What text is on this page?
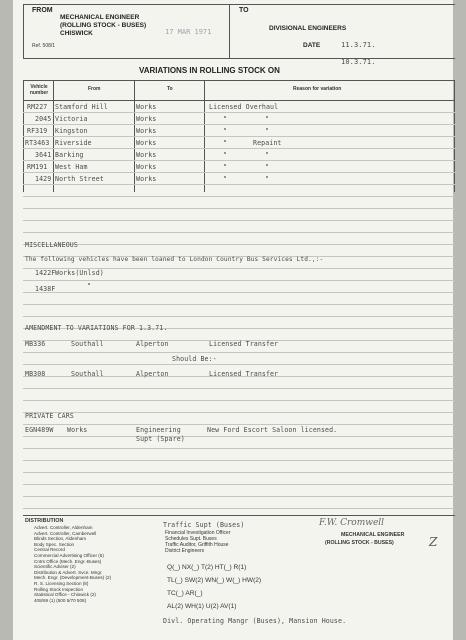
FROM
MECHANICAL ENGINEER
(ROLLING STOCK - BUSES)
CHISWICK
Ref. 508/1
17 MAR 1971
TO
DIVISIONAL ENGINEERS
DATE	11.3.71.
10.3.71.
VARIATIONS IN ROLLING STOCK ON
Vehicle number
From	To	Reason for variation
RM227 Stamford Hill	Works	Licensed Overhaul
2045 Victoria	Works	"	"
RF319 Kingston	Works	"	"
RT3463 Riverside	Works	"	Repaint
3641 Barking	Works	"	"
RM191 West Ham	Works	"	"
1429 North Street	Works	"	"
MISCELLANEOUS
The following vehicles have been loaned to London Country Bus Services Ltd.,:-
1422F Works(Unlsd)
1438F	"
AMENDMENT TO VARIATIONS FOR 1.3.71.
MB336	Southall	Alperton	Licensed Transfer
Should Be:-
MB308	Southall	Alperton	Licensed Transfer
PRIVATE CARS
EGN489W Works	Engineering
Supt (Spare)
New Ford Escort Saloon licensed.
DISTRIBUTION
Advert. Controller, Aldenham
Advert. Controller, Camberwell
Blinds Section, Aldenham
Body Spec. Section
Central Record
Commercial Advertising Officer (6)
Cntrs Office (Mech. Engr.-Buses)
Scientific Adviser (2)
Distribution & Advert. Svce. Mngr.
Mech. Engr. (Development-Buses) (2)
R. S. Licensing Section (8)
Rolling Stock Inspection
Statistical Office - Chiswick (2)
408/69 (1) (500 5/70 508)
Traffic Supt (Buses)
Financial Investigation Officer
Schedules Supt. Buses
Traffic Auditor, Griffith House
District Engineers
Q(_) NX(_) T(2) HT(_) R(1)
TL(_) SW(2) WN(_) W(_) HW(2)
TC(_) AR(_)
AL(2) WH(1) U(2) AV(1)
Divl. Operating Mangr (Buses), Mansion House.
F.W. Cromwell
MECHANICAL ENGINEER
(ROLLING STOCK - BUSES)	Z
